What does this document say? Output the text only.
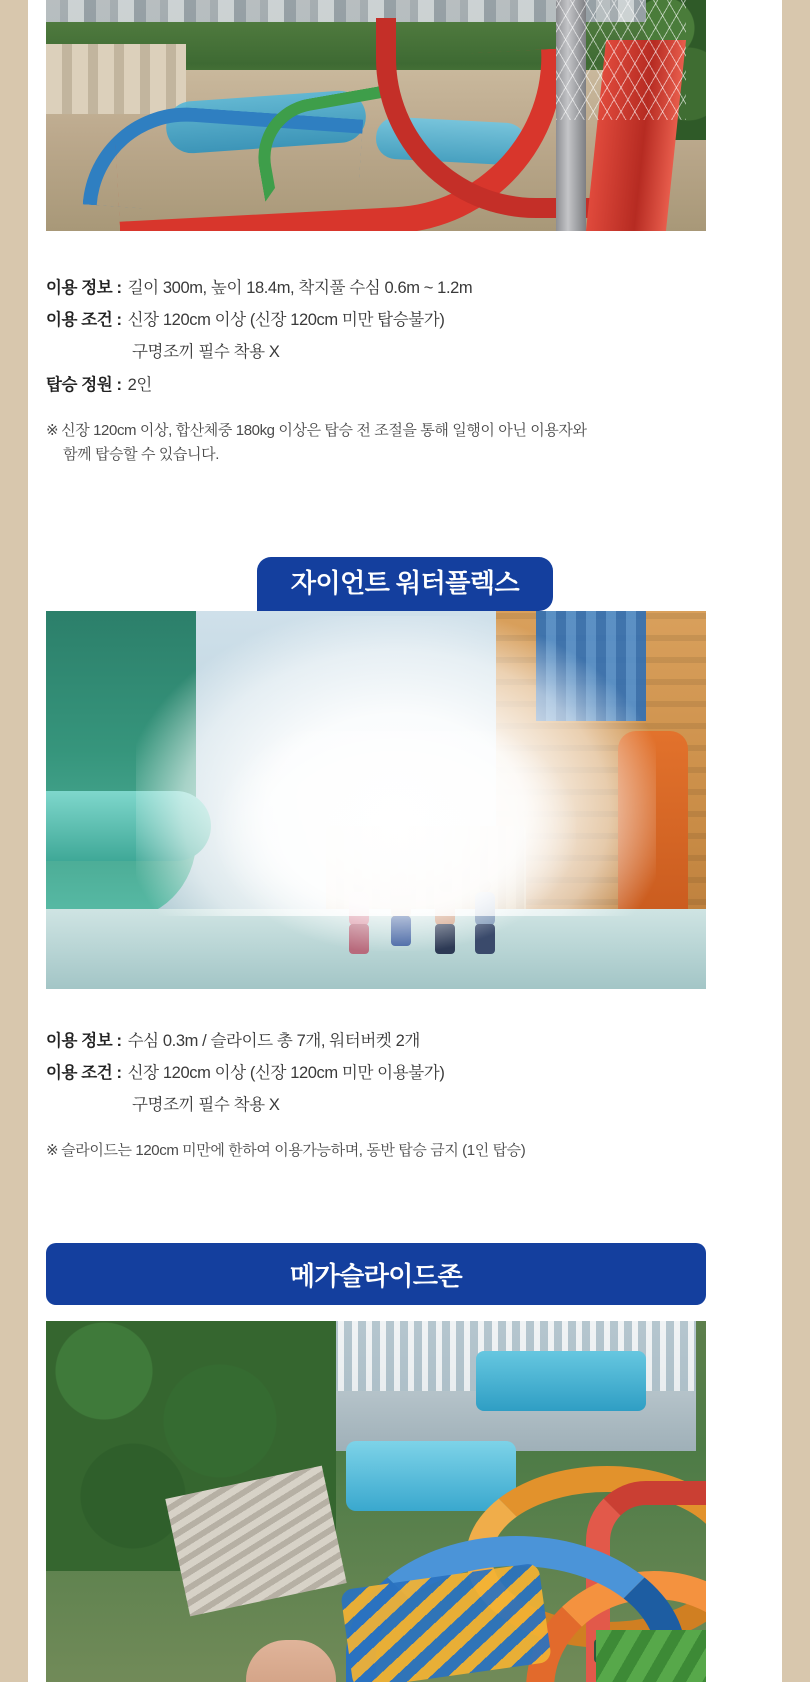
이용 정보 : 길이 300m, 높이 18.4m, 착지풀 수심 0.6m ~ 1.2m
이용 조건 : 신장 120cm 이상 (신장 120cm 미만 탑승불가)
구명조끼 필수 착용 X
탑승 정원 : 2인
※ 신장 120cm 이상, 합산체중 180kg 이상은 탑승 전 조절을 통해 일행이 아닌 이용자와
함께 탑승할 수 있습니다.
자이언트 워터플렉스
이용 정보 : 수심 0.3m / 슬라이드 총 7개, 워터버켓 2개
이용 조건 : 신장 120cm 이상 (신장 120cm 미만 이용불가)
구명조끼 필수 착용 X
※ 슬라이드는 120cm 미만에 한하여 이용가능하며, 동반 탑승 금지 (1인 탑승)
메가슬라이드존
